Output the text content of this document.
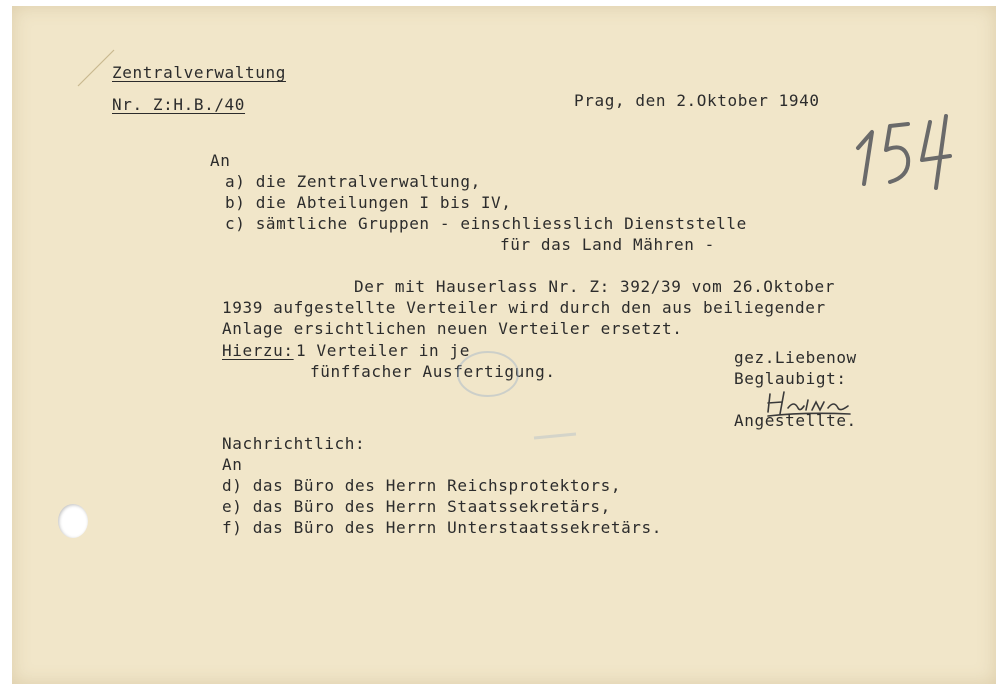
Zentralverwaltung
Nr. Z:H.B./40	Prag, den 2.Oktober 1940
An
a) die Zentralverwaltung,
b) die Abteilungen I bis IV,
c) sämtliche Gruppen - einschliesslich Dienststelle
für das Land Mähren -
Der mit Hauserlass Nr. Z: 392/39 vom 26.Oktober
1939 aufgestellte Verteiler wird durch den aus beiliegender
Anlage ersichtlichen neuen Verteiler ersetzt.
Hierzu: 1 Verteiler in je
fünffacher Ausfertigung.
gez.Liebenow
Beglaubigt:
Angestellte.
Nachrichtlich:
An
d) das Büro des Herrn Reichsprotektors,
e) das Büro des Herrn Staatssekretärs,
f) das Büro des Herrn Unterstaatssekretärs.
